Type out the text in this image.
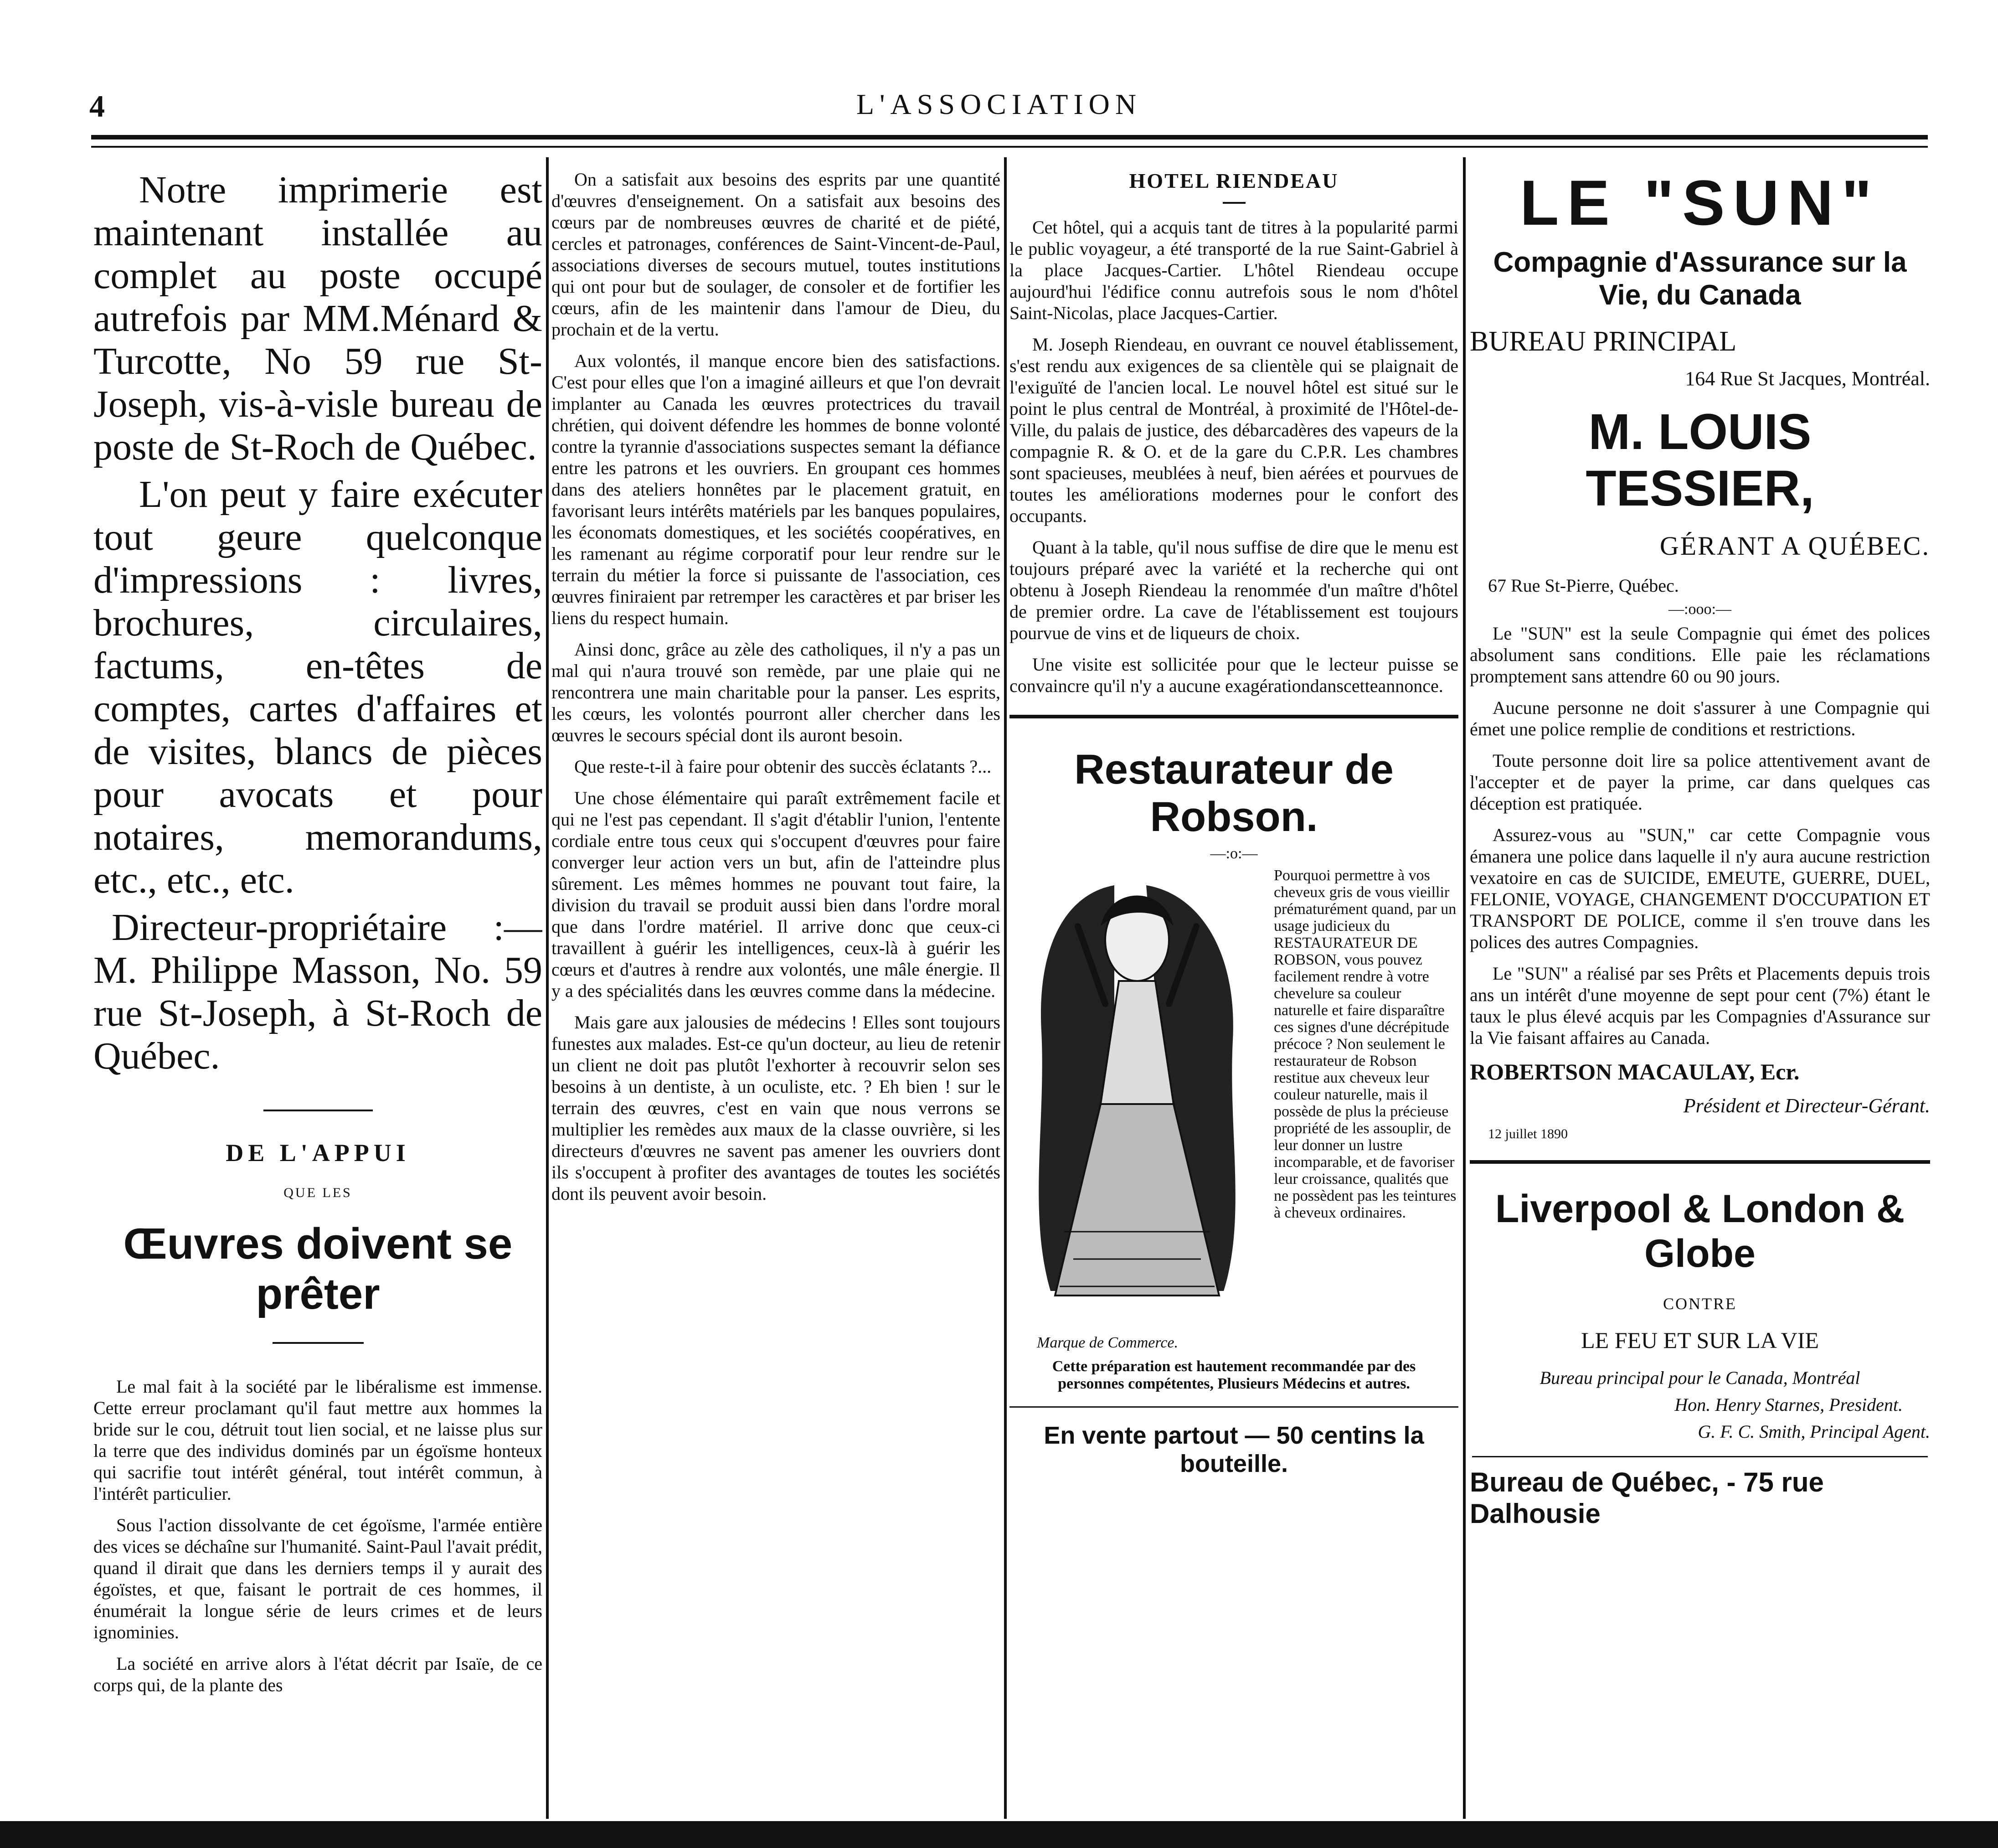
4	L'ASSOCIATION

Notre imprimerie est maintenant installée au complet au poste occupé autrefois par MM.Ménard & Turcotte, No 59 rue St-Joseph, vis-à-visle bureau de poste de St-Roch de Québec.

L'on peut y faire exécuter tout geure quelconque d'impressions : livres, brochures, circulaires, factums, en-têtes de comptes, cartes d'affaires et de visites, blancs de pièces pour avocats et pour notaires, memorandums, etc., etc., etc.

Directeur-propriétaire :— M. Philippe Masson, No. 59 rue St-Joseph, à St-Roch de Québec.

DE L'APPUI
QUE LES
Œuvres doivent se prêter

Le mal fait à la société par le libéralisme est immense. Cette erreur proclamant qu'il faut mettre aux hommes la bride sur le cou, détruit tout lien social, et ne laisse plus sur la terre que des individus dominés par un égoïsme honteux qui sacrifie tout intérêt général, tout intérêt commun, à l'intérêt particulier.

Sous l'action dissolvante de cet égoïsme, l'armée entière des vices se déchaîne sur l'humanité. Saint-Paul l'avait prédit, quand il dirait que dans les derniers temps il y aurait des égoïstes, et que, faisant le portrait de ces hommes, il énumérait la longue série de leurs crimes et de leurs ignominies.

La société en arrive alors à l'état décrit par Isaïe, de ce corps qui, de la plante des

On a satisfait aux besoins des esprits par une quantité d'œuvres d'enseignement. On a satisfait aux besoins des cœurs par de nombreuses œuvres de charité et de piété, cercles et patronages, conférences de Saint-Vincent-de-Paul, associations diverses de secours mutuel, toutes institutions qui ont pour but de soulager, de consoler et de fortifier les cœurs, afin de les maintenir dans l'amour de Dieu, du prochain et de la vertu.

Aux volontés, il manque encore bien des satisfactions. C'est pour elles que l'on a imaginé ailleurs et que l'on devrait implanter au Canada les œuvres protectrices du travail chrétien, qui doivent défendre les hommes de bonne volonté contre la tyrannie d'associations suspectes semant la défiance entre les patrons et les ouvriers. En groupant ces hommes dans des ateliers honnêtes par le placement gratuit, en favorisant leurs intérêts matériels par les banques populaires, les économats domestiques, et les sociétés coopératives, en les ramenant au régime corporatif pour leur rendre sur le terrain du métier la force si puissante de l'association, ces œuvres finiraient par retremper les caractères et par briser les liens du respect humain.

Ainsi donc, grâce au zèle des catholiques, il n'y a pas un mal qui n'aura trouvé son remède, par une plaie qui ne rencontrera une main charitable pour la panser. Les esprits, les cœurs, les volontés pourront aller chercher dans les œuvres le secours spécial dont ils auront besoin.

Que reste-t-il à faire pour obtenir des succès éclatants ?...

Une chose élémentaire qui paraît extrêmement facile et qui ne l'est pas cependant. Il s'agit d'établir l'union, l'entente cordiale entre tous ceux qui s'occupent d'œuvres pour faire converger leur action vers un but, afin de l'atteindre plus sûrement. Les mêmes hommes ne pouvant tout faire, la division du travail se produit aussi bien dans l'ordre moral que dans l'ordre matériel. Il arrive donc que ceux-ci travaillent à guérir les intelligences, ceux-là à guérir les cœurs et d'autres à rendre aux volontés, une mâle énergie. Il y a des spécialités dans les œuvres comme dans la médecine.

Mais gare aux jalousies de médecins ! Elles sont toujours funestes aux malades. Est-ce qu'un docteur, au lieu de retenir un client ne doit pas plutôt l'exhorter à recouvrir selon ses besoins à un dentiste, à un oculiste, etc. ? Eh bien ! sur le terrain des œuvres, c'est en vain que nous verrons se multiplier les remèdes aux maux de la classe ouvrière, si les directeurs d'œuvres ne savent pas amener les ouvriers dont ils s'occupent à profiter des avantages de toutes les sociétés dont ils peuvent avoir besoin.

HOTEL RIENDEAU

Cet hôtel, qui a acquis tant de titres à la popularité parmi le public voyageur, a été transporté de la rue Saint-Gabriel à la place Jacques-Cartier. L'hôtel Riendeau occupe aujourd'hui l'édifice connu autrefois sous le nom d'hôtel Saint-Nicolas, place Jacques-Cartier.

M. Joseph Riendeau, en ouvrant ce nouvel établissement, s'est rendu aux exigences de sa clientèle qui se plaignait de l'exiguïté de l'ancien local. Le nouvel hôtel est situé sur le point le plus central de Montréal, à proximité de l'Hôtel-de-Ville, du palais de justice, des débarcadères des vapeurs de la compagnie R. & O. et de la gare du C.P.R. Les chambres sont spacieuses, meublées à neuf, bien aérées et pourvues de toutes les améliorations modernes pour le confort des occupants.

Quant à la table, qu'il nous suffise de dire que le menu est toujours préparé avec la variété et la recherche qui ont obtenu à Joseph Riendeau la renommée d'un maître d'hôtel de premier ordre. La cave de l'établissement est toujours pourvue de vins et de liqueurs de choix.

Une visite est sollicitée pour que le lecteur puisse se convaincre qu'il n'y a aucune exagérationdanscetteannonce.

Restaurateur de Robson.
—:o:—
Pourquoi permettre à vos cheveux gris de vous vieillir prématurément quand, par un usage judicieux du RESTAURATEUR DE ROBSON, vous pouvez facilement rendre à votre chevelure sa couleur naturelle et faire disparaître ces signes d'une décrépitude précoce ? Non seulement le restaurateur de Robson restitue aux cheveux leur couleur naturelle, mais il possède de plus la précieuse propriété de les assouplir, de leur donner un lustre incomparable, et de favoriser leur croissance, qualités que ne possèdent pas les teintures à cheveux ordinaires.
Marque de Commerce.
Cette préparation est hautement recommandée par des personnes compétentes, Plusieurs Médecins et autres.
En vente partout — 50 centins la bouteille.
LE "SUN"
Compagnie d'Assurance sur la Vie, du Canada
BUREAU PRINCIPAL
164 Rue St Jacques, Montréal.
M. LOUIS TESSIER,
GÉRANT A QUÉBEC.
67 Rue St-Pierre, Québec.
—:ooo:—

Le "SUN" est la seule Compagnie qui émet des polices absolument sans conditions. Elle paie les réclamations promptement sans attendre 60 ou 90 jours.

Aucune personne ne doit s'assurer à une Compagnie qui émet une police remplie de conditions et restrictions.

Toute personne doit lire sa police attentivement avant de l'accepter et de payer la prime, car dans quelques cas déception est pratiquée.

Assurez-vous au "SUN," car cette Compagnie vous émanera une police dans laquelle il n'y aura aucune restriction vexatoire en cas de SUICIDE, EMEUTE, GUERRE, DUEL, FELONIE, VOYAGE, CHANGEMENT D'OCCUPATION ET TRANSPORT DE POLICE, comme il s'en trouve dans les polices des autres Compagnies.

Le "SUN" a réalisé par ses Prêts et Placements depuis trois ans un intérêt d'une moyenne de sept pour cent (7%) étant le taux le plus élevé acquis par les Compagnies d'Assurance sur la Vie faisant affaires au Canada.

ROBERTSON MACAULAY, Ecr.
Président et Directeur-Gérant.
12 juillet 1890
Liverpool & London & Globe
CONTRE
LE FEU ET SUR LA VIE
Bureau principal pour le Canada, Montréal
Hon. Henry Starnes, President.
G. F. C. Smith, Principal Agent.
Bureau de Québec, - 75 rue Dalhousie
